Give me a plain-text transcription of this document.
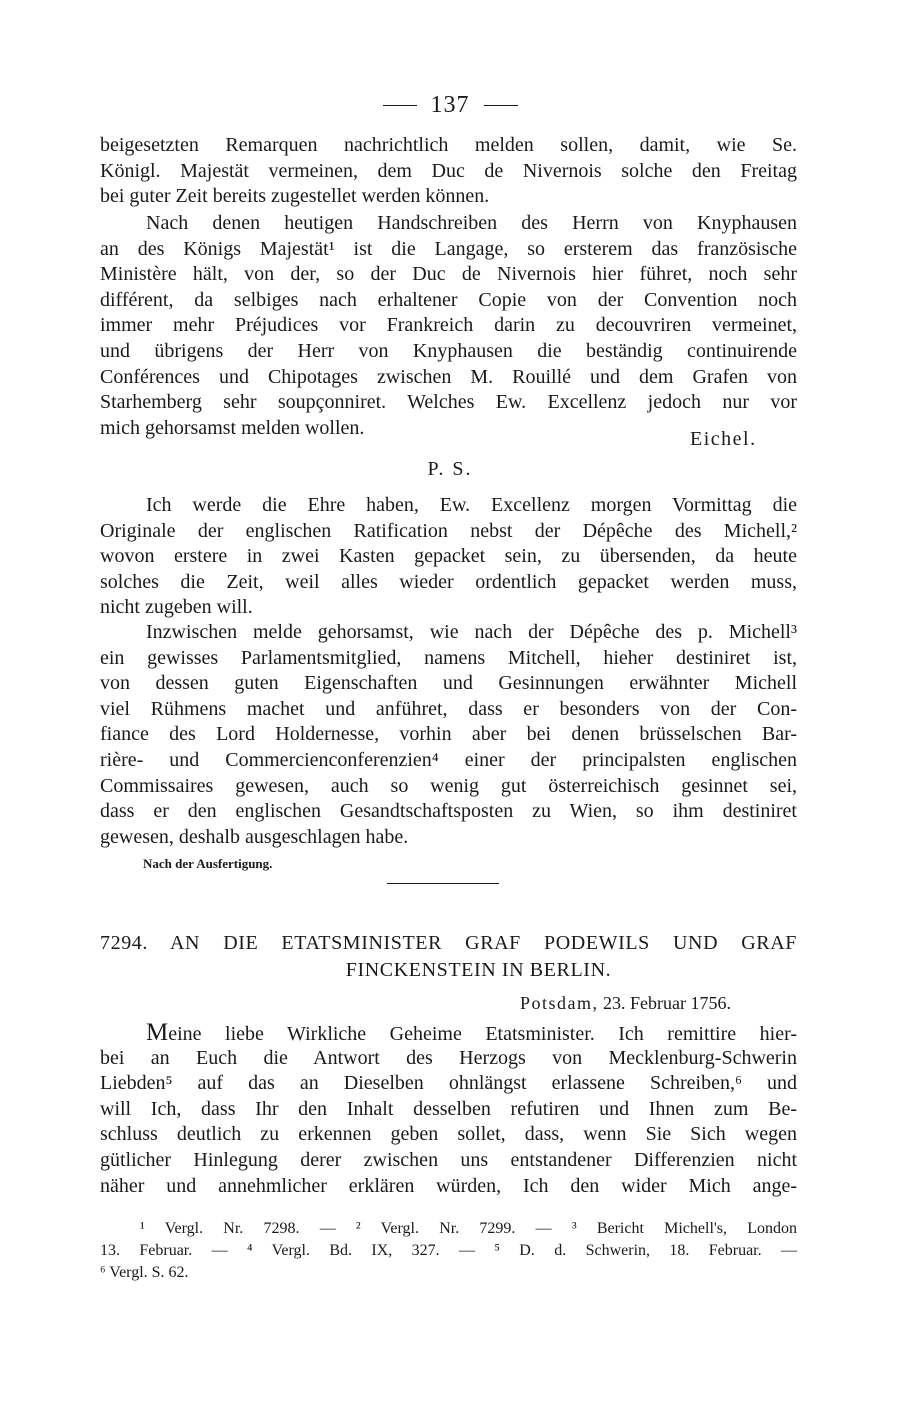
137
beigesetzten Remarquen nachrichtlich melden sollen, damit, wie Se.
Königl. Majestät vermeinen, dem Duc de Nivernois solche den Freitag
bei guter Zeit bereits zugestellet werden können.
Nach denen heutigen Handschreiben des Herrn von Knyphausen
an des Königs Majestät¹ ist die Langage, so ersterem das französische
Ministère hält, von der, so der Duc de Nivernois hier führet, noch sehr
différent, da selbiges nach erhaltener Copie von der Convention noch
immer mehr Préjudices vor Frankreich darin zu decouvriren vermeinet,
und übrigens der Herr von Knyphausen die beständig continuirende
Conférences und Chipotages zwischen M. Rouillé und dem Grafen von
Starhemberg sehr soupçonniret. Welches Ew. Excellenz jedoch nur vor
mich gehorsamst melden wollen.
Eichel.
P. S.
Ich werde die Ehre haben, Ew. Excellenz morgen Vormittag die
Originale der englischen Ratification nebst der Dépêche des Michell,²
wovon erstere in zwei Kasten gepacket sein, zu übersenden, da heute
solches die Zeit, weil alles wieder ordentlich gepacket werden muss,
nicht zugeben will.
Inzwischen melde gehorsamst, wie nach der Dépêche des p. Michell³
ein gewisses Parlamentsmitglied, namens Mitchell, hieher destiniret ist,
von dessen guten Eigenschaften und Gesinnungen erwähnter Michell
viel Rühmens machet und anführet, dass er besonders von der Con-
fiance des Lord Holdernesse, vorhin aber bei denen brüsselschen Bar-
rière- und Commercienconferenzien⁴ einer der principalsten englischen
Commissaires gewesen, auch so wenig gut österreichisch gesinnet sei,
dass er den englischen Gesandtschaftsposten zu Wien, so ihm destiniret
gewesen, deshalb ausgeschlagen habe.
Nach der Ausfertigung.
7294. AN DIE ETATSMINISTER GRAF PODEWILS UND GRAF
FINCKENSTEIN IN BERLIN.
Potsdam, 23. Februar 1756.
Meine liebe Wirkliche Geheime Etatsminister. Ich remittire hier-
bei an Euch die Antwort des Herzogs von Mecklenburg-Schwerin
Liebden⁵ auf das an Dieselben ohnlängst erlassene Schreiben,⁶ und
will Ich, dass Ihr den Inhalt desselben refutiren und Ihnen zum Be-
schluss deutlich zu erkennen geben sollet, dass, wenn Sie Sich wegen
gütlicher Hinlegung derer zwischen uns entstandener Differenzien nicht
näher und annehmlicher erklären würden, Ich den wider Mich ange-
¹ Vergl. Nr. 7298. — ² Vergl. Nr. 7299. — ³ Bericht Michell's, London
13. Februar. — ⁴ Vergl. Bd. IX, 327. — ⁵ D. d. Schwerin, 18. Februar. —
⁶ Vergl. S. 62.
